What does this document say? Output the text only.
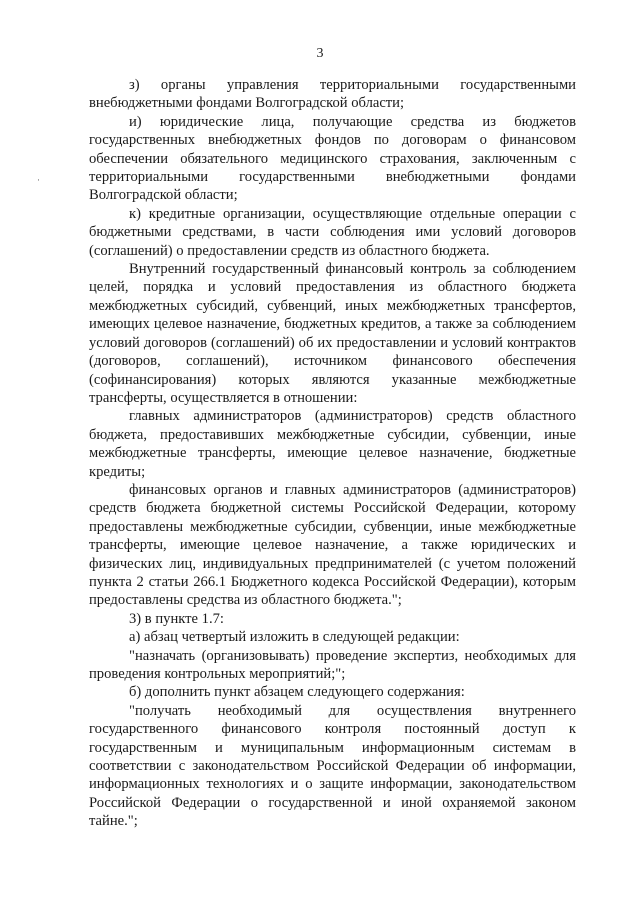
3
·

з) органы управления территориальными государственными внебюджетными фондами Волгоградской области;

и) юридические лица, получающие средства из бюджетов государственных внебюджетных фондов по договорам о финансовом обеспечении обязательного медицинского страхования, заключенным с территориальными государственными внебюджетными фондами Волгоградской области;

к) кредитные организации, осуществляющие отдельные операции с бюджетными средствами, в части соблюдения ими условий договоров (соглашений) о предоставлении средств из областного бюджета.

Внутренний государственный финансовый контроль за соблюдением целей, порядка и условий предоставления из областного бюджета межбюджетных субсидий, субвенций, иных межбюджетных трансфертов, имеющих целевое назначение, бюджетных кредитов, а также за соблюдением условий договоров (соглашений) об их предоставлении и условий контрактов (договоров, соглашений), источником финансового обеспечения (софинансирования) которых являются указанные межбюджетные трансферты, осуществляется в отношении:

главных администраторов (администраторов) средств областного бюджета, предоставивших межбюджетные субсидии, субвенции, иные межбюджетные трансферты, имеющие целевое назначение, бюджетные кредиты;

финансовых органов и главных администраторов (администраторов) средств бюджета бюджетной системы Российской Федерации, которому предоставлены межбюджетные субсидии, субвенции, иные межбюджетные трансферты, имеющие целевое назначение, а также юридических и физических лиц, индивидуальных предпринимателей (с учетом положений пункта 2 статьи 266.1 Бюджетного кодекса Российской Федерации), которым предоставлены средства из областного бюджета.";

3) в пункте 1.7:

а) абзац четвертый изложить в следующей редакции:

"назначать (организовывать) проведение экспертиз, необходимых для проведения контрольных мероприятий;";

б) дополнить пункт абзацем следующего содержания:

"получать необходимый для осуществления внутреннего государственного финансового контроля постоянный доступ к государственным и муниципальным информационным системам в соответствии с законодательством Российской Федерации об информации, информационных технологиях и о защите информации, законодательством Российской Федерации о государственной и иной охраняемой законом тайне.";
